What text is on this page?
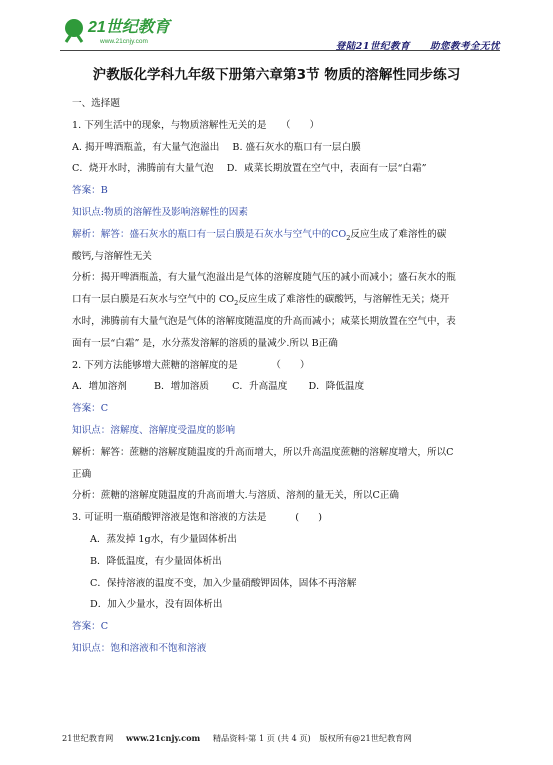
21世纪教育
www.21cnjy.com	登陆21世纪教育　　助您教考全无忧
沪教版化学科九年级下册第六章第3节 物质的溶解性同步练习
一、选择题
1. 下列生活中的现象，与物质溶解性无关的是　　（　　）
A. 揭开啤酒瓶盖，有大量气泡溢出 B. 盛石灰水的瓶口有一层白膜
C．烧开水时，沸腾前有大量气泡 D．咸菜长期放置在空气中，表面有一层“白霜”
答案：B
知识点:物质的溶解性及影响溶解性的因素
解析：解答：盛石灰水的瓶口有一层白膜是石灰水与空气中的$CO_2$反应生成了难溶性的碳
酸钙,与溶解性无关
分析：揭开啤酒瓶盖，有大量气泡溢出是气体的溶解度随气压的减小而减小；盛石灰水的瓶
口有一层白膜是石灰水与空气中的 $CO_2$反应生成了难溶性的碳酸钙，与溶解性无关；烧开
水时，沸腾前有大量气泡是气体的溶解度随温度的升高而减小；咸菜长期放置在空气中，表
面有一层“白霜” 是，水分蒸发溶解的溶质的量减少.所以 B正确
2. 下列方法能够增大蔗糖的溶解度的是　　　　（　　）
A．增加溶剂	B．增加溶质 C．升高温度 D．降低温度
答案：C
知识点：溶解度、溶解度受温度的影响
解析：解答：蔗糖的溶解度随温度的升高而增大，所以升高温度蔗糖的溶解度增大，所以C
正确
分析：蔗糖的溶解度随温度的升高而增大.与溶质、溶剂的量无关，所以C正确
3. 可证明一瓶硝酸钾溶液是饱和溶液的方法是　　　(　　)
A．蒸发掉 1g水，有少量固体析出
B．降低温度，有少量固体析出
C．保持溶液的温度不变，加入少量硝酸钾固体，固体不再溶解
D．加入少量水，没有固体析出
答案：C
知识点：饱和溶液和不饱和溶液
21世纪教育网 www.21cnjy.com 精品资料·第 1 页 (共 4 页) 版权所有@21世纪教育网
